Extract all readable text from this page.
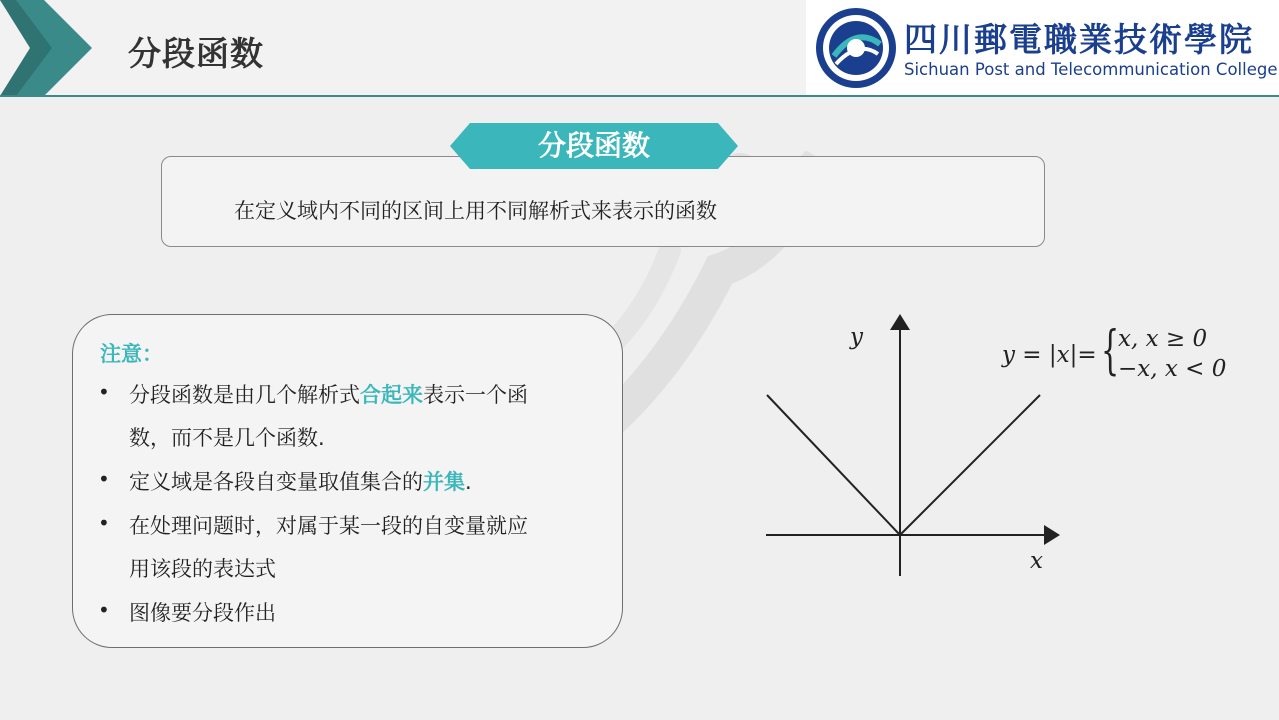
分段函数	四川郵電職業技術學院
Sichuan Post and Telecommunication College
分段函数
在定义域内不同的区间上用不同解析式来表示的函数
注意：
• 分段函数是由几个解析式合起来表示一个函
数，而不是几个函数.
• 定义域是各段自变量取值集合的并集.
• 在处理问题时，对属于某一段的自变量就应
用该段的表达式
• 图像要分段作出
y
x
y = |x|= {
x, x ≥ 0
−x, x < 0
